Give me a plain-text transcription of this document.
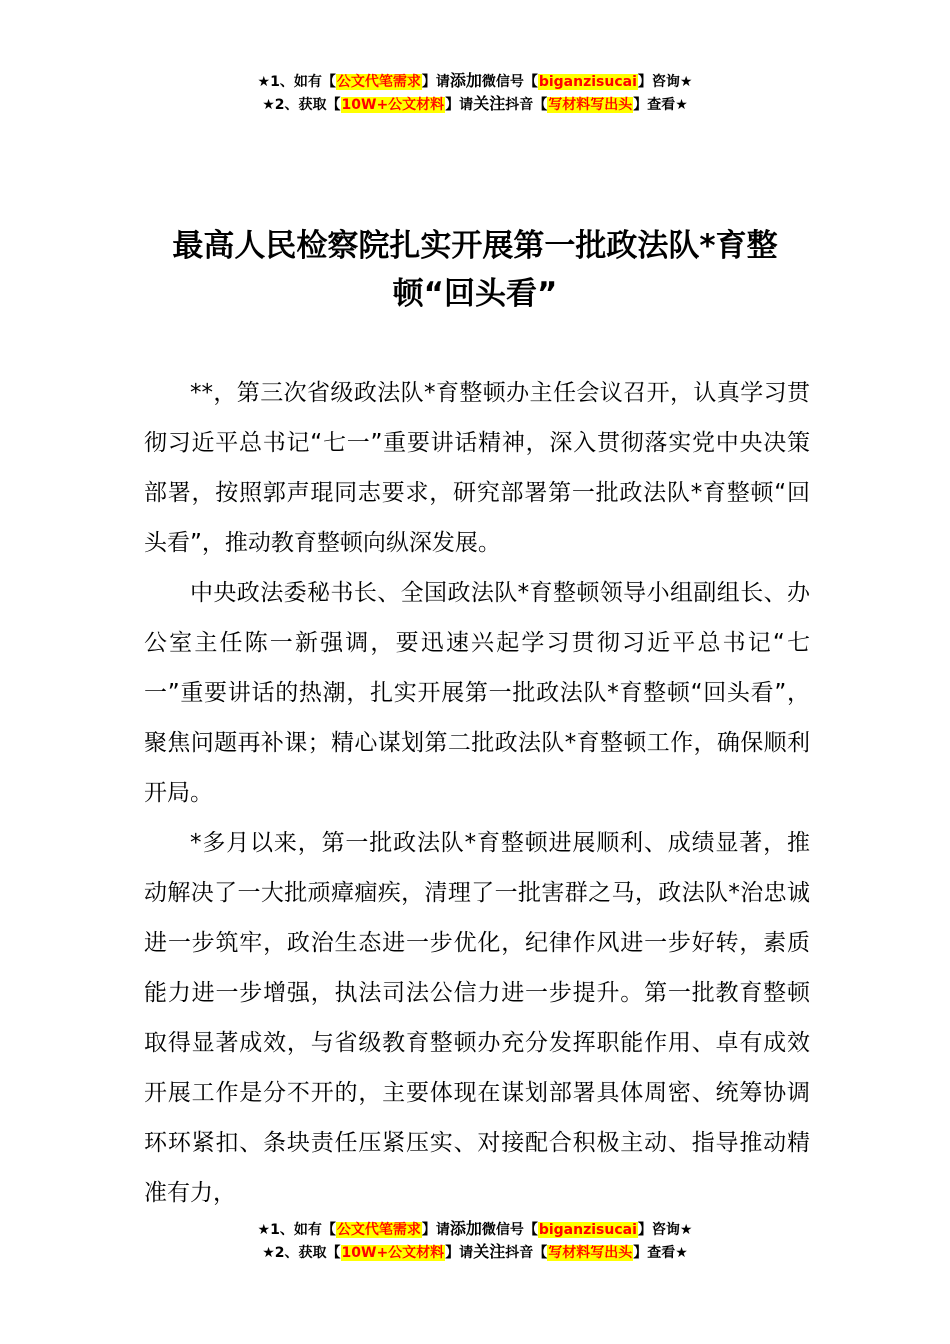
★1、如有【公文代笔需求】请添加微信号【biganzisucai】咨询★
★2、获取【10W+公文材料】请关注抖音【写材料写出头】查看★
最高人民检察院扎实开展第一批政法队*育整顿“回头看”

**，第三次省级政法队*育整顿办主任会议召开，认真学习贯彻习近平总书记“七一”重要讲话精神，深入贯彻落实党中央决策部署，按照郭声琨同志要求，研究部署第一批政法队*育整顿“回头看”，推动教育整顿向纵深发展。

中央政法委秘书长、全国政法队*育整顿领导小组副组长、办公室主任陈一新强调，要迅速兴起学习贯彻习近平总书记“七一”重要讲话的热潮，扎实开展第一批政法队*育整顿“回头看”，聚焦问题再补课；精心谋划第二批政法队*育整顿工作，确保顺利开局。

*多月以来，第一批政法队*育整顿进展顺利、成绩显著，推动解决了一大批顽瘴痼疾，清理了一批害群之马，政法队*治忠诚进一步筑牢，政治生态进一步优化，纪律作风进一步好转，素质能力进一步增强，执法司法公信力进一步提升。第一批教育整顿取得显著成效，与省级教育整顿办充分发挥职能作用、卓有成效开展工作是分不开的，主要体现在谋划部署具体周密、统筹协调环环紧扣、条块责任压紧压实、对接配合积极主动、指导推动精准有力，

★1、如有【公文代笔需求】请添加微信号【biganzisucai】咨询★
★2、获取【10W+公文材料】请关注抖音【写材料写出头】查看★
